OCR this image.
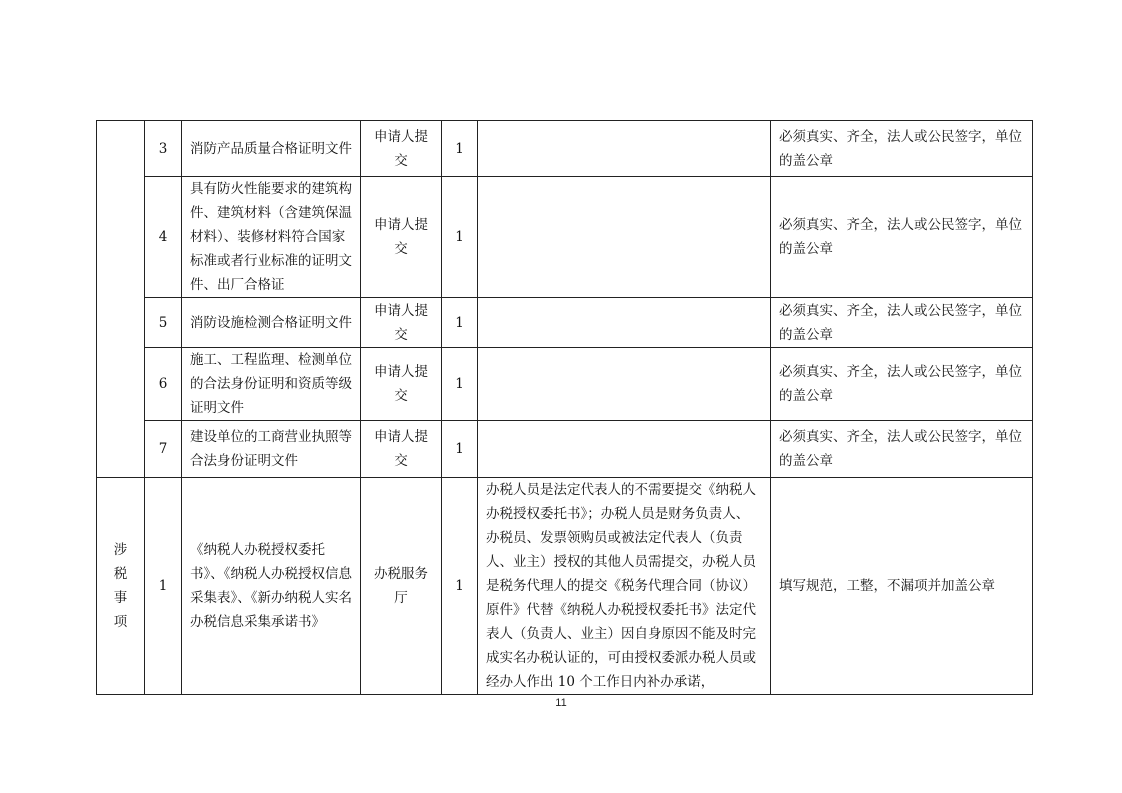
	3	消防产品质量合格证明文件	申请人提交	1		必须真实、齐全，法人或公民签字，单位的盖公章
	4	具有防火性能要求的建筑构件、建筑材料（含建筑保温材料）、装修材料符合国家标准或者行业标准的证明文件、出厂合格证	申请人提交	1		必须真实、齐全，法人或公民签字，单位的盖公章
	5	消防设施检测合格证明文件	申请人提交	1		必须真实、齐全，法人或公民签字，单位的盖公章
	6	施工、工程监理、检测单位的合法身份证明和资质等级证明文件	申请人提交	1		必须真实、齐全，法人或公民签字，单位的盖公章
	7	建设单位的工商营业执照等合法身份证明文件	申请人提交	1		必须真实、齐全，法人或公民签字，单位的盖公章
涉税事项	1	《纳税人办税授权委托书》、《纳税人办税授权信息采集表》、《新办纳税人实名办税信息采集承诺书》	办税服务厅	1	办税人员是法定代表人的不需要提交《纳税人办税授权委托书》；办税人员是财务负责人、办税员、发票领购员或被法定代表人（负责人、业主）授权的其他人员需提交，办税人员是税务代理人的提交《税务代理合同（协议）原件》代替《纳税人办税授权委托书》法定代表人（负责人、业主）因自身原因不能及时完成实名办税认证的，可由授权委派办税人员或经办人作出 10 个工作日内补办承诺，	填写规范，工整，不漏项并加盖公章
11
